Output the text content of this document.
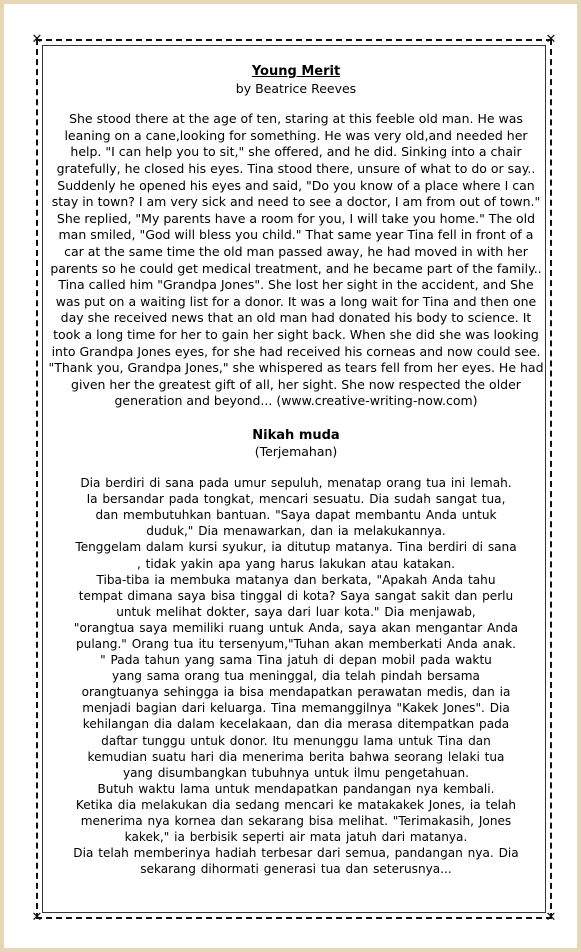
✕	✕
✕	✕
Young Merit
by Beatrice Reeves

She stood there at the age of ten, staring at this feeble old man. He was leaning on a cane,looking for something. He was very old,and needed her help. "I can help you to sit," she offered, and he did. Sinking into a chair gratefully, he closed his eyes. Tina stood there, unsure of what to do or say.. Suddenly he opened his eyes and said, "Do you know of a place where I can stay in town? I am very sick and need to see a doctor, I am from out of town." She replied, "My parents have a room for you, I will take you home." The old man smiled, "God will bless you child." That same year Tina fell in front of a car at the same time the old man passed away, he had moved in with her parents so he could get medical treatment, and he became part of the family.. Tina called him "Grandpa Jones". She lost her sight in the accident, and She was put on a waiting list for a donor. It was a long wait for Tina and then one day she received news that an old man had donated his body to science. It took a long time for her to gain her sight back. When she did she was looking into Grandpa Jones eyes, for she had received his corneas and now could see. "Thank you, Grandpa Jones," she whispered as tears fell from her eyes. He had given her the greatest gift of all, her sight. She now respected the older generation and beyond... (www.creative-writing-now.com)

Nikah muda
(Terjemahan)
Dia berdiri di sana pada umur sepuluh, menatap orang tua ini lemah.
Ia bersandar pada tongkat, mencari sesuatu. Dia sudah sangat tua,
dan membutuhkan bantuan. "Saya dapat membantu Anda untuk
duduk," Dia menawarkan, dan ia melakukannya.
Tenggelam dalam kursi syukur, ia ditutup matanya. Tina berdiri di sana
, tidak yakin apa yang harus lakukan atau katakan.
Tiba-tiba ia membuka matanya dan berkata, "Apakah Anda tahu
tempat dimana saya bisa tinggal di kota? Saya sangat sakit dan perlu
untuk melihat dokter, saya dari luar kota." Dia menjawab,
"orangtua saya memiliki ruang untuk Anda, saya akan mengantar Anda
pulang." Orang tua itu tersenyum,"Tuhan akan memberkati Anda anak.
" Pada tahun yang sama Tina jatuh di depan mobil pada waktu
yang sama orang tua meninggal, dia telah pindah bersama
orangtuanya sehingga ia bisa mendapatkan perawatan medis, dan ia
menjadi bagian dari keluarga. Tina memanggilnya "Kakek Jones". Dia
kehilangan dia dalam kecelakaan, dan dia merasa ditempatkan pada
daftar tunggu untuk donor. Itu menunggu lama untuk Tina dan
kemudian suatu hari dia menerima berita bahwa seorang lelaki tua
yang disumbangkan tubuhnya untuk ilmu pengetahuan.
Butuh waktu lama untuk mendapatkan pandangan nya kembali.
Ketika dia melakukan dia sedang mencari ke matakakek Jones, ia telah
menerima nya kornea dan sekarang bisa melihat. "Terimakasih, Jones
kakek," ia berbisik seperti air mata jatuh dari matanya.
Dia telah memberinya hadiah terbesar dari semua, pandangan nya. Dia
sekarang dihormati generasi tua dan seterusnya...
